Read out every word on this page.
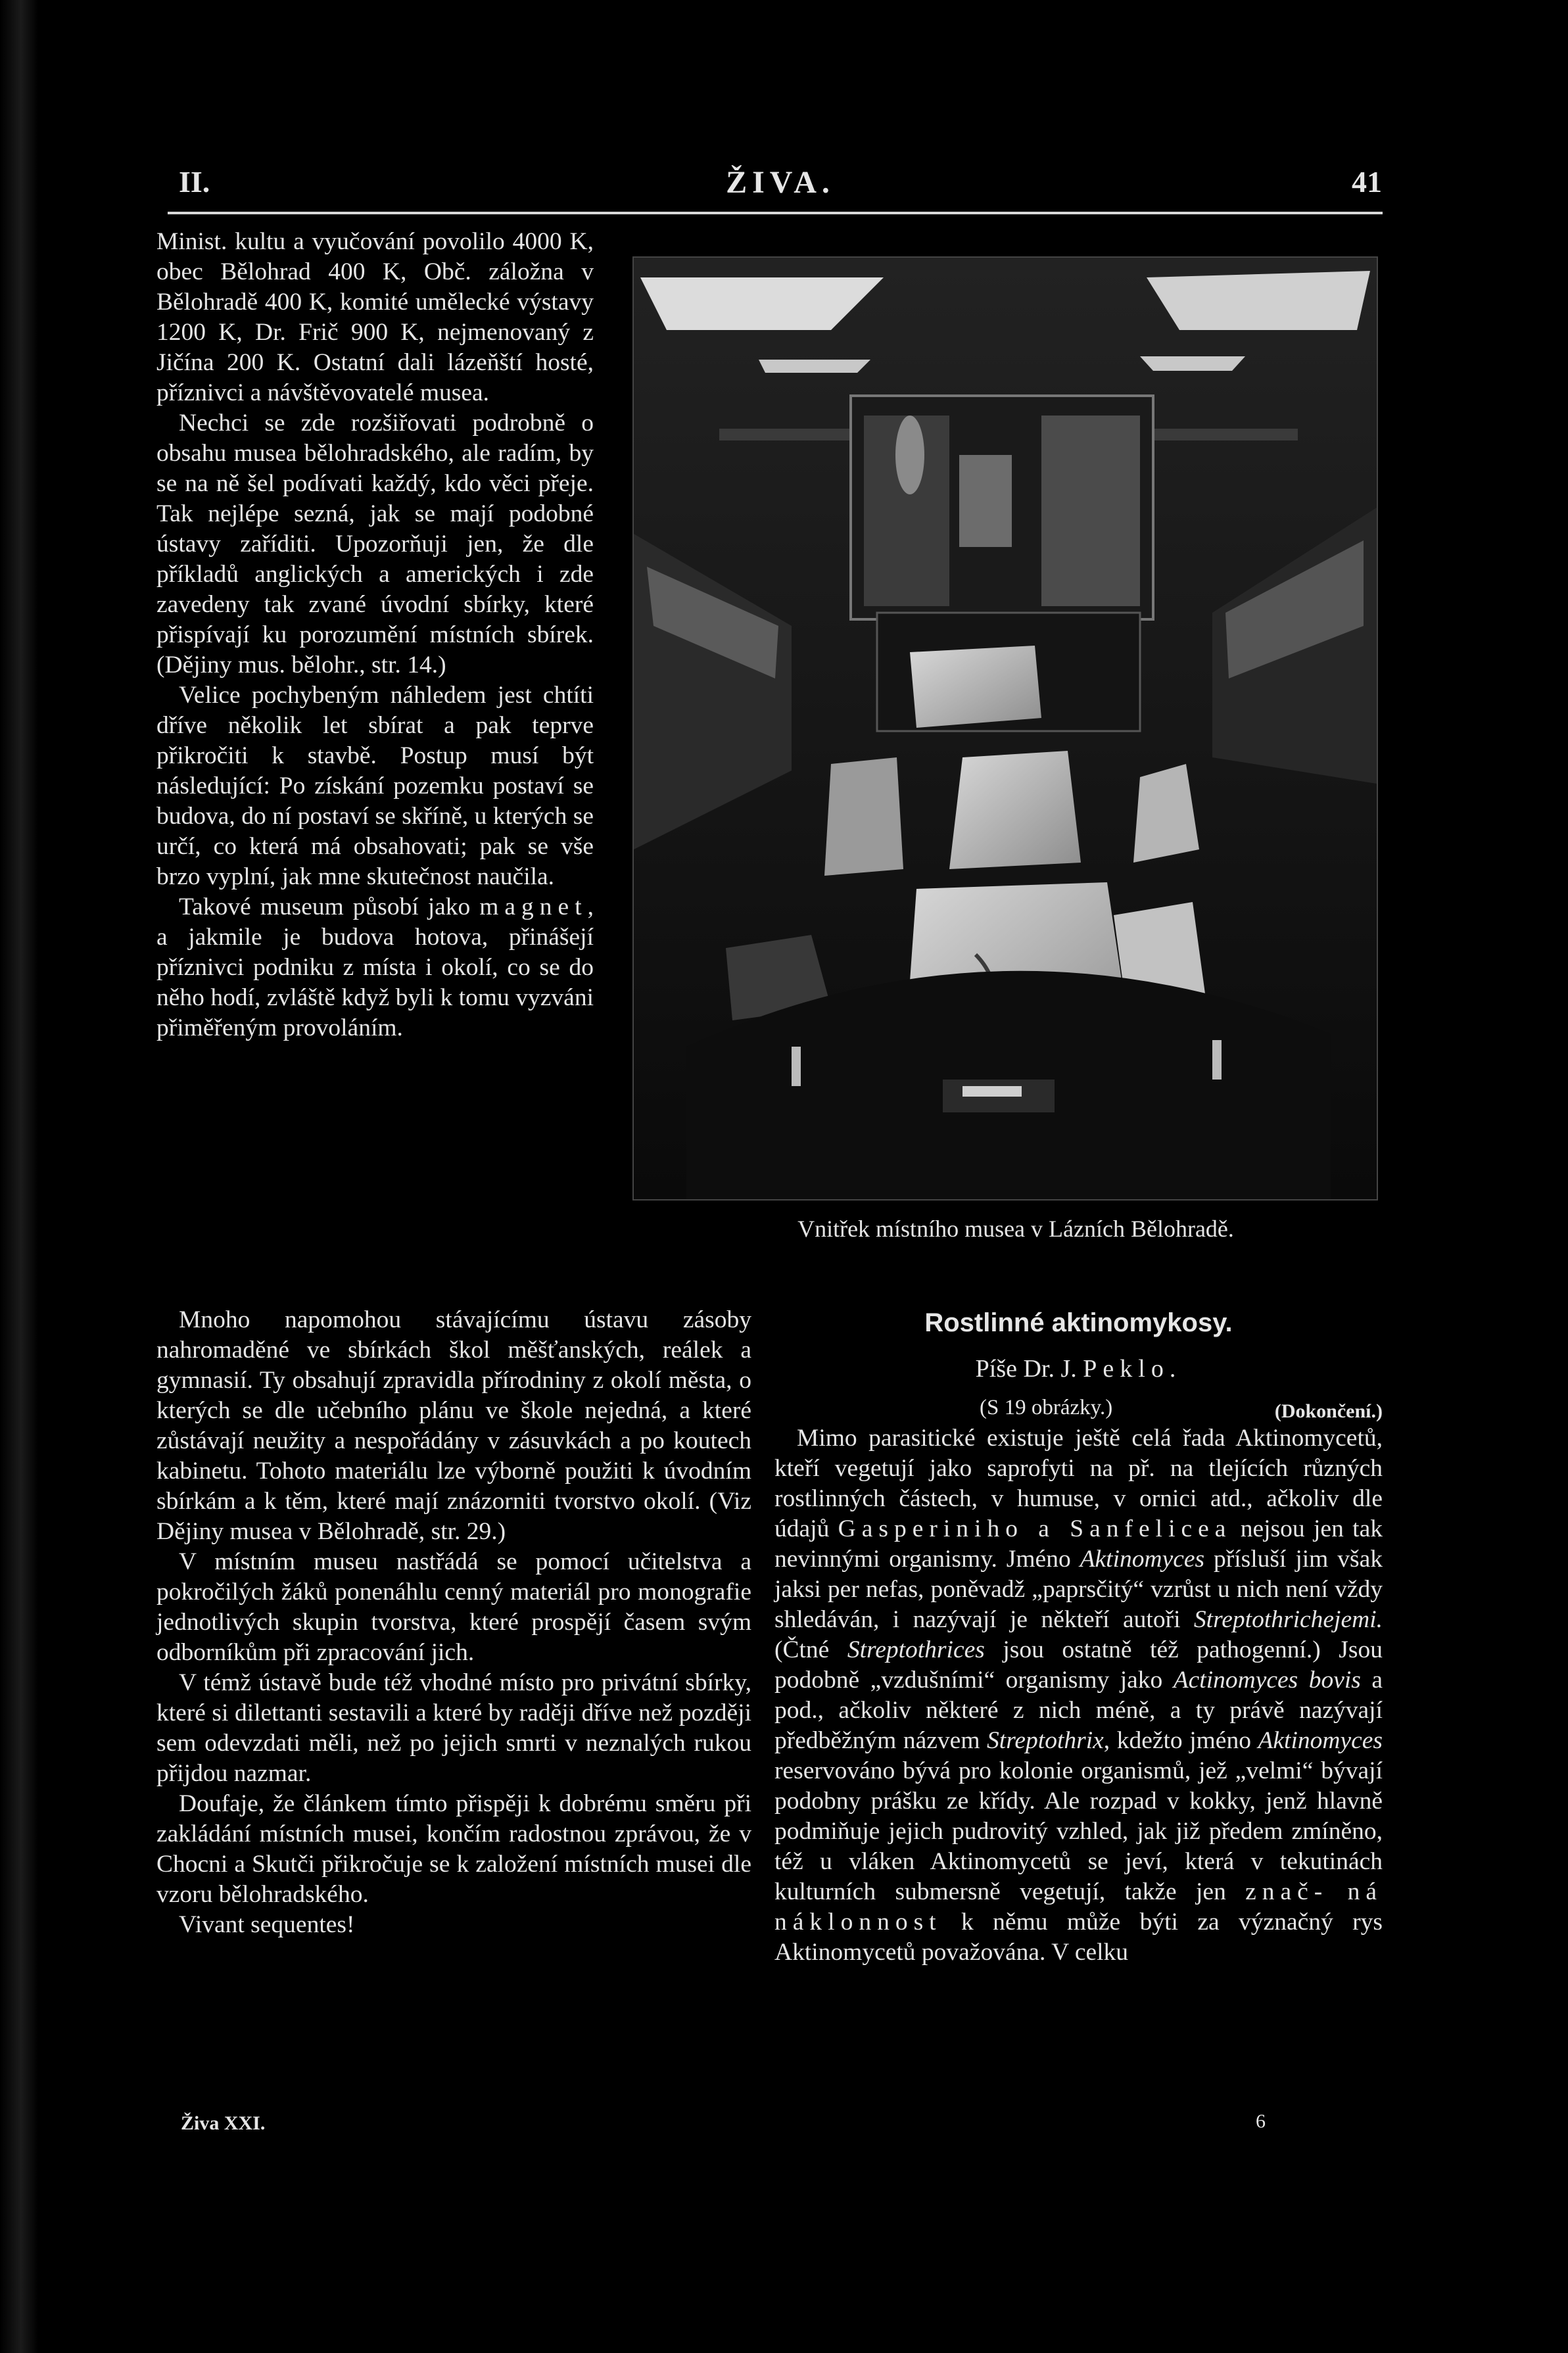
II.	ŽIVA.	41

Minist. kultu a vyučování povolilo 4000 K, obec Bělohrad 400 K, Obč. záložna v Bělohradě 400 K, komité umělecké výstavy 1200 K, Dr. Frič 900 K, nejmenovaný z Jičína 200 K. Ostatní dali lázeňští hosté, příznivci a návštěvovatelé musea.

Nechci se zde rozšiřovati podrobně o obsahu musea bělohradského, ale radím, by se na ně šel podívati každý, kdo věci přeje. Tak nejlépe sezná, jak se mají podobné ústavy zaříditi. Upozorňuji jen, že dle příkladů anglických a amerických i zde zavedeny tak zvané úvodní sbírky, které přispívají ku porozumění místních sbírek. (Dějiny mus. bělohr., str. 14.)

Velice pochybeným náhledem jest chtíti dříve několik let sbírat a pak teprve přikročiti k stavbě. Postup musí být následující: Po získání pozemku postaví se budova, do ní postaví se skříně, u kterých se určí, co která má obsahovati; pak se vše brzo vyplní, jak mne skutečnost naučila.

Takové museum působí jako magnet, a jakmile je budova hotova, přinášejí příznivci podniku z místa i okolí, co se do něho hodí, zvláště když byli k tomu vyzváni přiměřeným provoláním.

Vnitřek místního musea v Lázních Bělohradě.
Rostlinné aktinomykosy.
Píše Dr. J. Peklo.
(S 19 obrázky.)	(Dokončení.)

Mnoho napomohou stávajícímu ústavu zásoby nahromaděné ve sbírkách škol měšťanských, reálek a gymnasií. Ty obsahují zpravidla přírodniny z okolí města, o kterých se dle učebního plánu ve škole nejedná, a které zůstávají neužity a nespořádány v zásuvkách a po koutech kabinetu. Tohoto materiálu lze výborně použiti k úvodním sbírkám a k těm, které mají znázorniti tvorstvo okolí. (Viz Dějiny musea v Bělohradě, str. 29.)

V místním museu nastřádá se pomocí učitelstva a pokročilých žáků ponenáhlu cenný materiál pro monografie jednotlivých skupin tvorstva, které prospějí časem svým odborníkům při zpracování jich.

V témž ústavě bude též vhodné místo pro privátní sbírky, které si dilettanti sestavili a které by raději dříve než později sem odevzdati měli, než po jejich smrti v neznalých rukou přijdou nazmar.

Doufaje, že článkem tímto přispěji k dobrému směru při zakládání místních musei, končím radostnou zprávou, že v Chocni a Skutči přikročuje se k založení místních musei dle vzoru bělohradského.

Vivant sequentes!

Mimo parasitické existuje ještě celá řada Aktinomycetů, kteří vegetují jako saprofyti na př. na tlejících různých rostlinných částech, v humuse, v ornici atd., ačkoliv dle údajů Gasperiniho a Sanfelicea nejsou jen tak nevinnými organismy. Jméno Aktinomyces přísluší jim však jaksi per nefas, poněvadž „paprsčitý“ vzrůst u nich není vždy shledáván, i nazývají je někteří autoři Streptothrichejemi. (Čtné Streptothrices jsou ostatně též pathogenní.) Jsou podobně „vzdušními“ organismy jako Actinomyces bovis a pod., ačkoliv některé z nich méně, a ty právě nazývají předběžným názvem Streptothrix, kdežto jméno Aktinomyces reservováno bývá pro kolonie organismů, jež „velmi“ bývají podobny prášku ze křídy. Ale rozpad v kokky, jenž hlavně podmiňuje jejich pudrovitý vzhled, jak již předem zmíněno, též u vláken Aktinomycetů se jeví, která v tekutinách kulturních submersně vegetují, takže jen znač- ná náklonnost k němu může býti za význačný rys Aktinomycetů považována. V celku

Živa XXI.	6
